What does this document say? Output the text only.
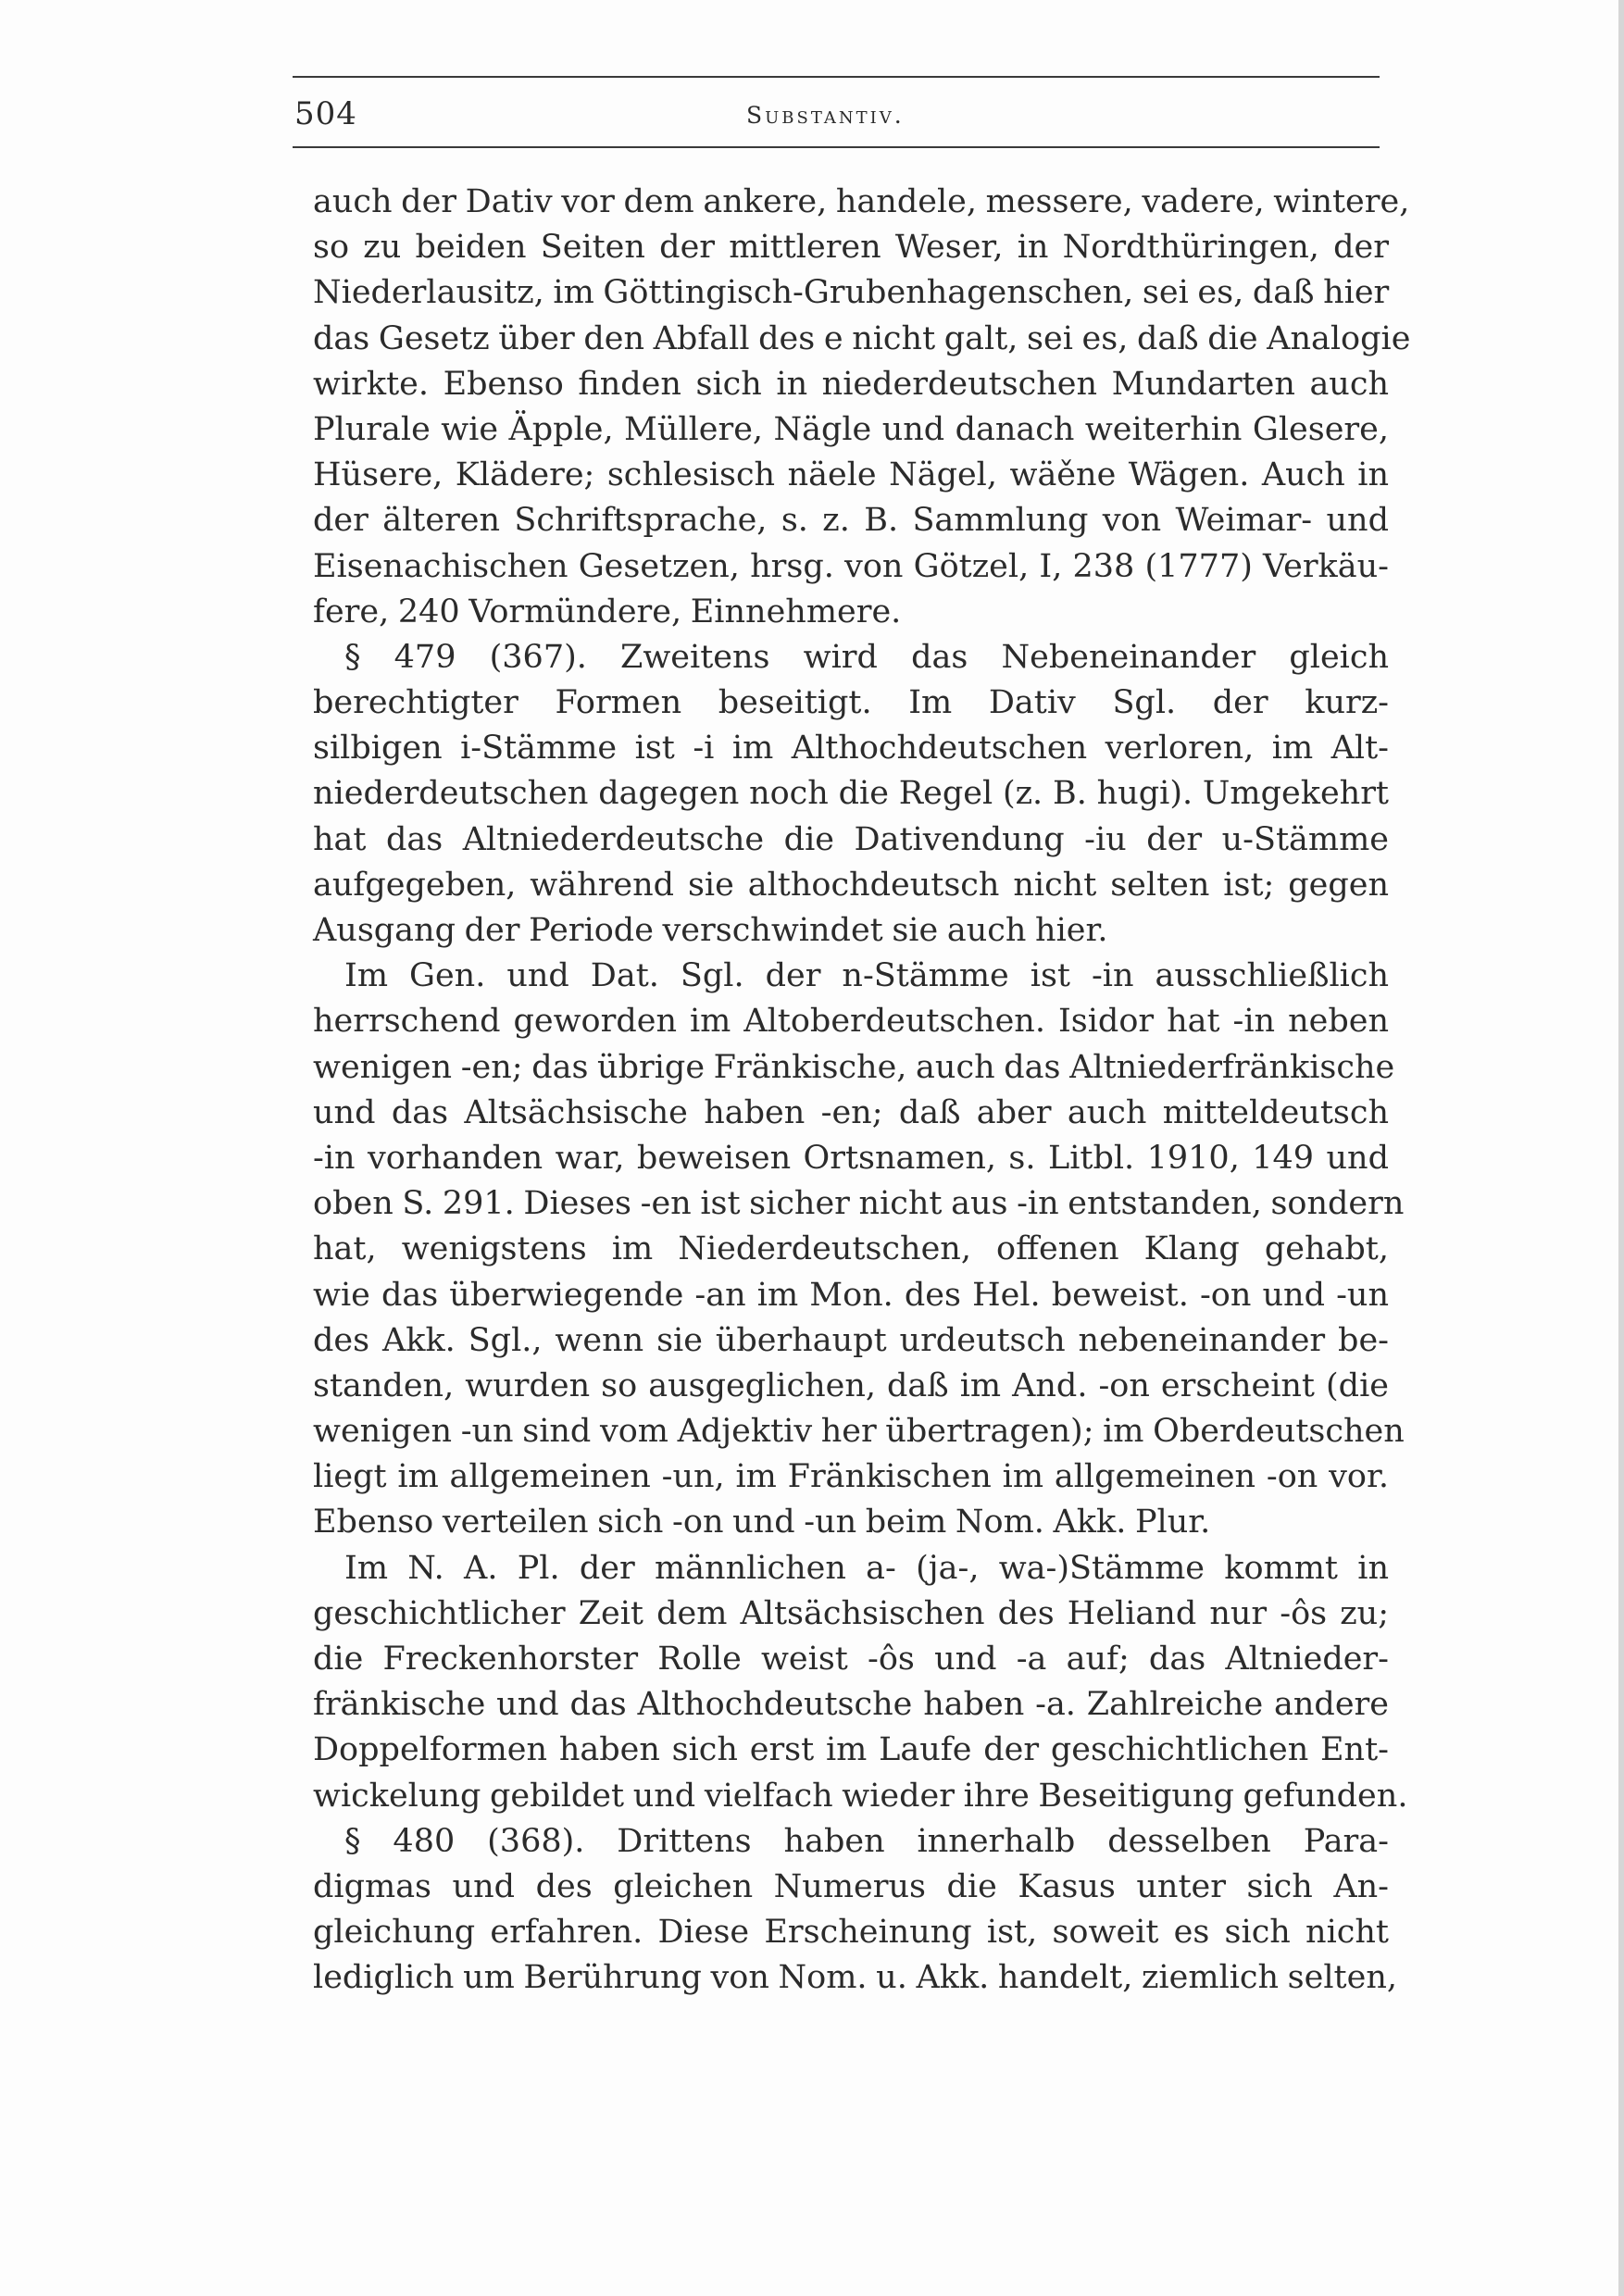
504	Substantiv.
auch der Dativ vor dem ankere, handele, messere, vadere, wintere,
so zu beiden Seiten der mittleren Weser, in Nordthüringen, der
Niederlausitz, im Göttingisch-Grubenhagenschen, sei es, daß hier
das Gesetz über den Abfall des e nicht galt, sei es, daß die Analogie
wirkte. Ebenso finden sich in niederdeutschen Mundarten auch
Plurale wie Äpple, Müllere, Nägle und danach weiterhin Glesere,
Hüsere, Klädere; schlesisch näele Nägel, wäěne Wägen. Auch in
der älteren Schriftsprache, s. z. B. Sammlung von Weimar- und
Eisenachischen Gesetzen, hrsg. von Götzel, I, 238 (1777) Verkäu-
fere, 240 Vormündere, Einnehmere.
§ 479 (367). Zweitens wird das Nebeneinander gleich
berechtigter Formen beseitigt. Im Dativ Sgl. der kurz-
silbigen i-Stämme ist -i im Althochdeutschen verloren, im Alt-
niederdeutschen dagegen noch die Regel (z. B. hugi). Umgekehrt
hat das Altniederdeutsche die Dativendung -iu der u-Stämme
aufgegeben, während sie althochdeutsch nicht selten ist; gegen
Ausgang der Periode verschwindet sie auch hier.
Im Gen. und Dat. Sgl. der n-Stämme ist -in ausschließlich
herrschend geworden im Altoberdeutschen. Isidor hat -in neben
wenigen -en; das übrige Fränkische, auch das Altniederfränkische
und das Altsächsische haben -en; daß aber auch mitteldeutsch
-in vorhanden war, beweisen Ortsnamen, s. Litbl. 1910, 149 und
oben S. 291. Dieses -en ist sicher nicht aus -in entstanden, sondern
hat, wenigstens im Niederdeutschen, offenen Klang gehabt,
wie das überwiegende -an im Mon. des Hel. beweist. -on und -un
des Akk. Sgl., wenn sie überhaupt urdeutsch nebeneinander be-
standen, wurden so ausgeglichen, daß im And. -on erscheint (die
wenigen -un sind vom Adjektiv her übertragen); im Oberdeutschen
liegt im allgemeinen -un, im Fränkischen im allgemeinen -on vor.
Ebenso verteilen sich -on und -un beim Nom. Akk. Plur.
Im N. A. Pl. der männlichen a- (ja-, wa-)Stämme kommt in
geschichtlicher Zeit dem Altsächsischen des Heliand nur -ôs zu;
die Freckenhorster Rolle weist -ôs und -a auf; das Altnieder-
fränkische und das Althochdeutsche haben -a. Zahlreiche andere
Doppelformen haben sich erst im Laufe der geschichtlichen Ent-
wickelung gebildet und vielfach wieder ihre Beseitigung gefunden.
§ 480 (368). Drittens haben innerhalb desselben Para-
digmas und des gleichen Numerus die Kasus unter sich An-
gleichung erfahren. Diese Erscheinung ist, soweit es sich nicht
lediglich um Berührung von Nom. u. Akk. handelt, ziemlich selten,
